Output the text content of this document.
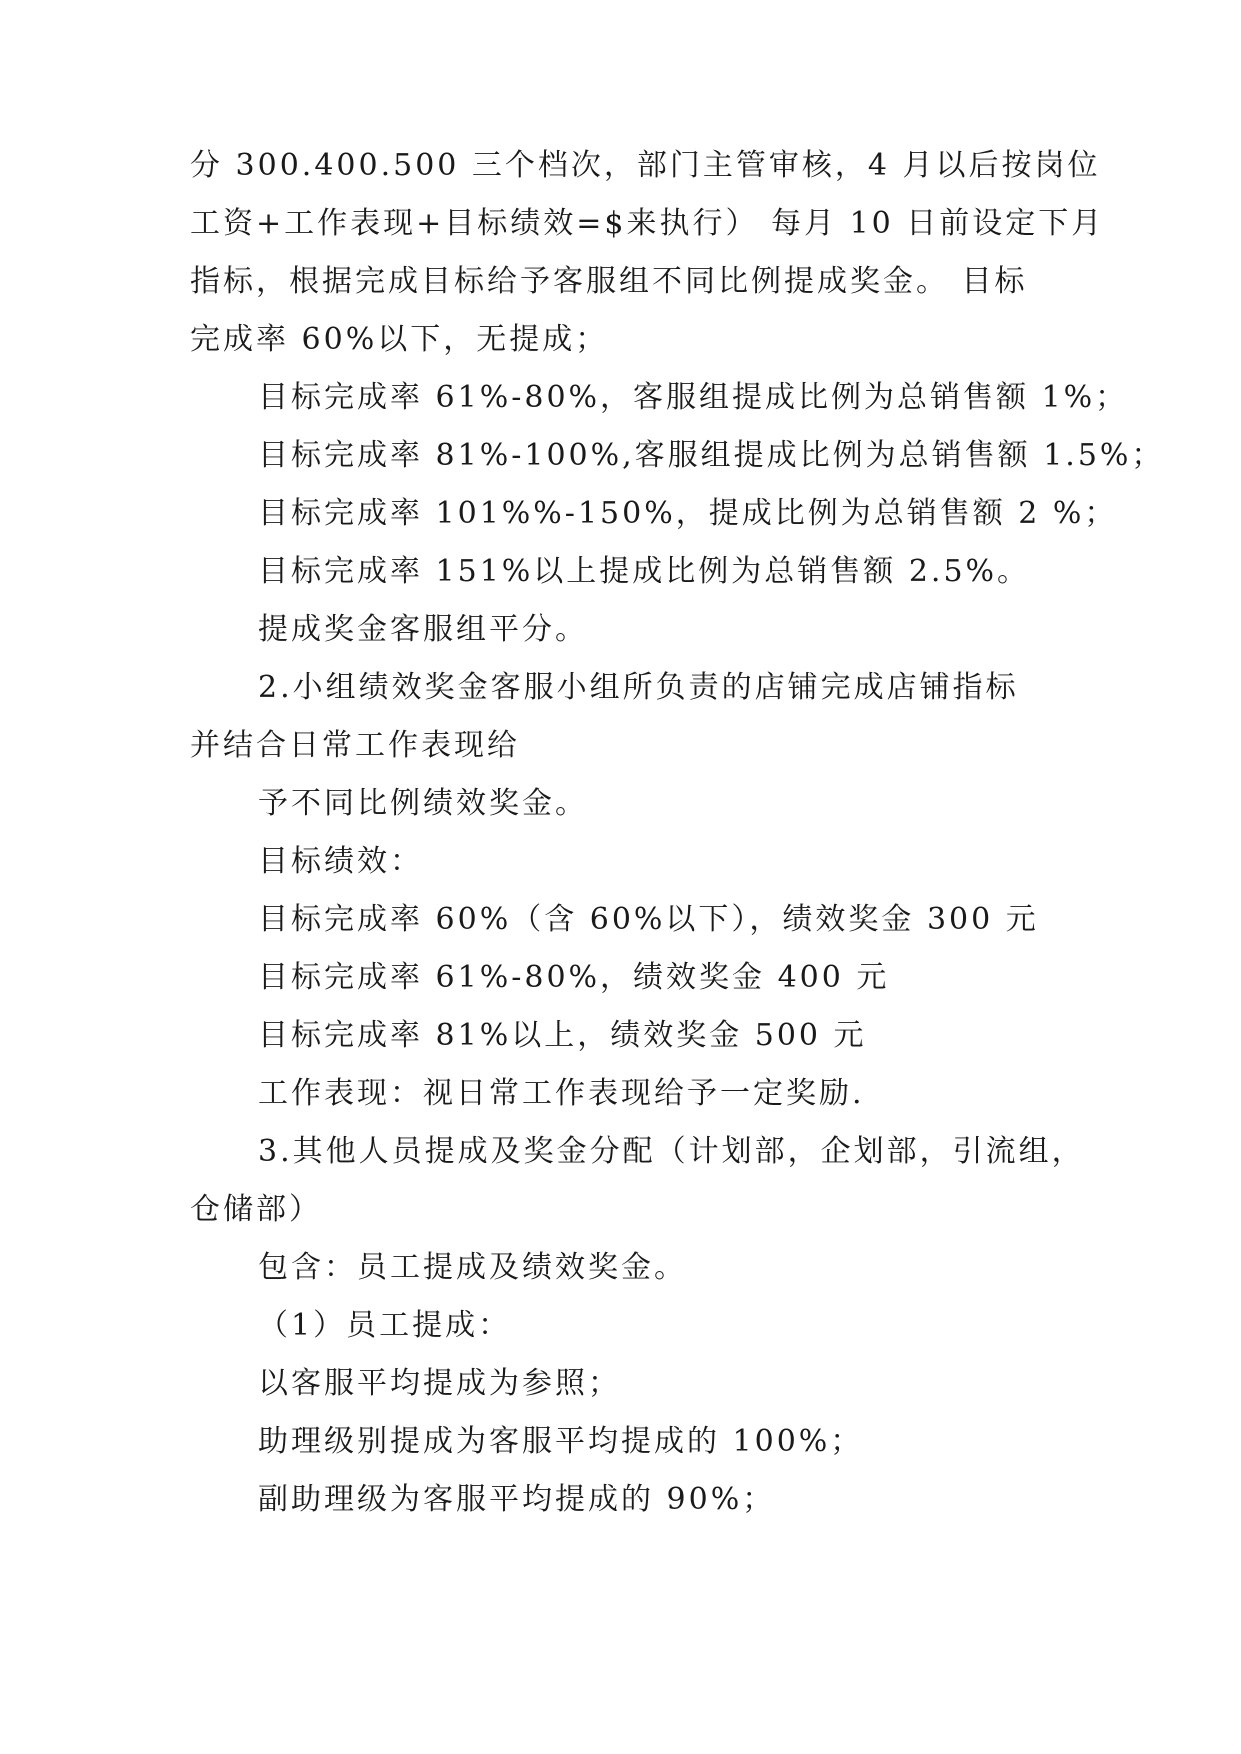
分 300.400.500 三个档次，部门主管审核，4 月以后按岗位
工资+工作表现+目标绩效=$来执行） 每月 10 日前设定下月
指标，根据完成目标给予客服组不同比例提成奖金。 目标
完成率 60%以下，无提成；
目标完成率 61%-80%，客服组提成比例为总销售额 1%；
目标完成率 81%-100%,客服组提成比例为总销售额 1.5%；
目标完成率 101%%-150%，提成比例为总销售额 2 %；
目标完成率 151%以上提成比例为总销售额 2.5%。
提成奖金客服组平分。
2.小组绩效奖金客服小组所负责的店铺完成店铺指标
并结合日常工作表现给
予不同比例绩效奖金。
目标绩效：
目标完成率 60%（含 60%以下），绩效奖金 300 元
目标完成率 61%-80%，绩效奖金 400 元
目标完成率 81%以上，绩效奖金 500 元
工作表现：视日常工作表现给予一定奖励.
3.其他人员提成及奖金分配（计划部，企划部，引流组，
仓储部）
包含：员工提成及绩效奖金。
（1）员工提成：
以客服平均提成为参照；
助理级别提成为客服平均提成的 100%；
副助理级为客服平均提成的 90%；
